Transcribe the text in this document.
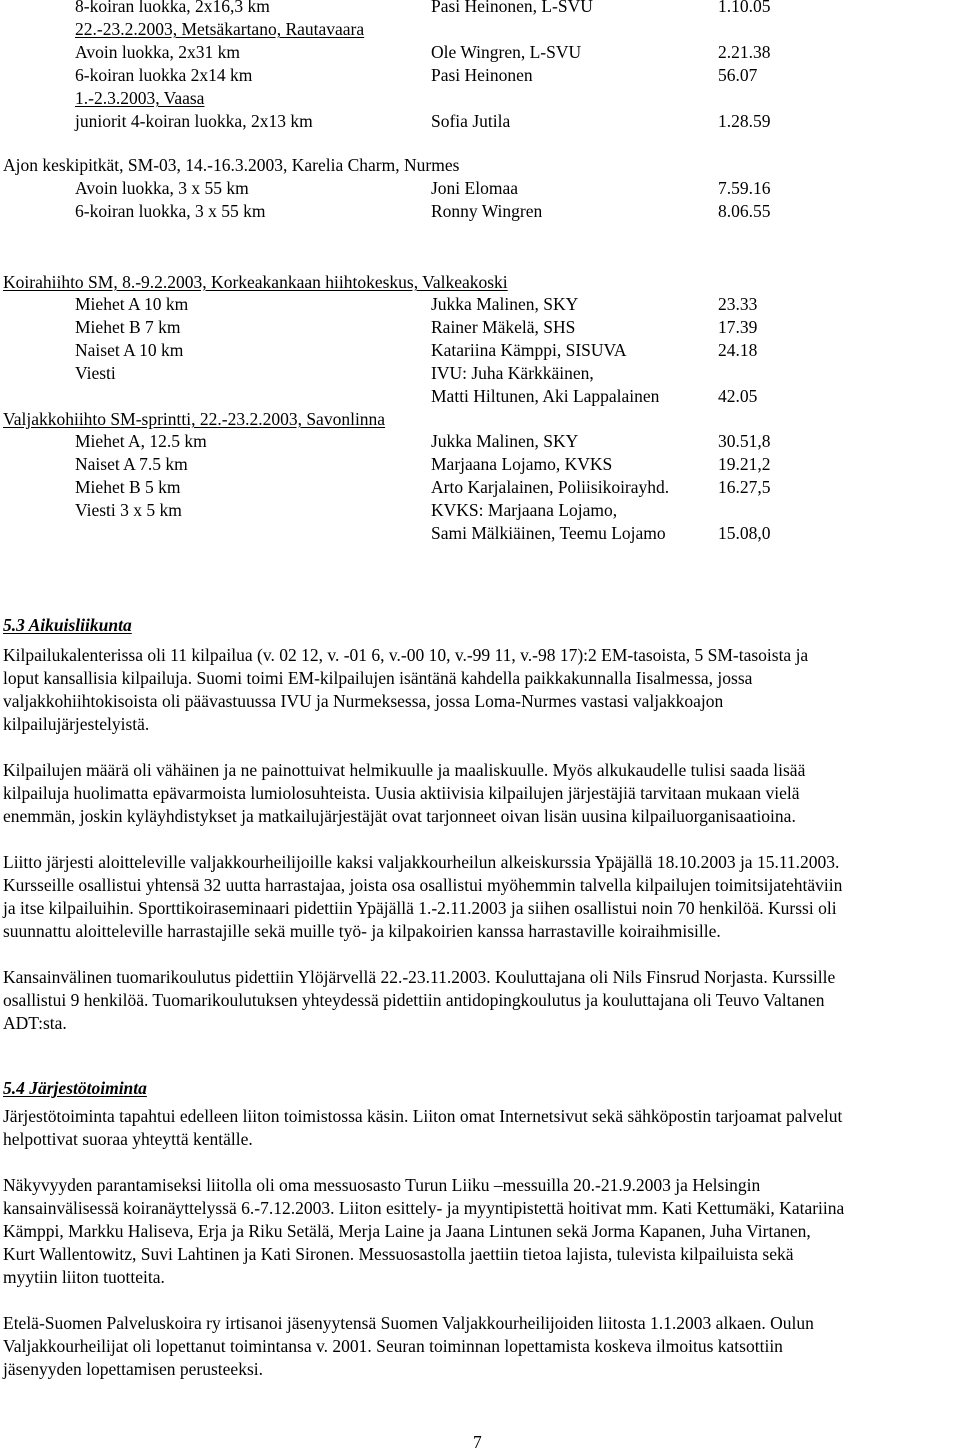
8-koiran luokka, 2x16,3 km	Pasi Heinonen, L-SVU	1.10.05
22.-23.2.2003, Metsäkartano, Rautavaara
Avoin luokka, 2x31 km	Ole Wingren, L-SVU	2.21.38
6-koiran luokka 2x14 km	Pasi Heinonen	56.07
1.-2.3.2003, Vaasa
juniorit 4-koiran luokka, 2x13 km	Sofia Jutila	1.28.59
Ajon keskipitkät, SM-03, 14.-16.3.2003, Karelia Charm, Nurmes
Avoin luokka, 3 x 55 km	Joni Elomaa	7.59.16
6-koiran luokka, 3 x 55 km	Ronny Wingren	8.06.55
Koirahiihto SM, 8.-9.2.2003, Korkeakankaan hiihtokeskus, Valkeakoski
Miehet A 10 km	Jukka Malinen, SKY	23.33
Miehet B 7 km	Rainer Mäkelä, SHS	17.39
Naiset A 10 km	Katariina Kämppi, SISUVA	24.18
Viesti	IVU: Juha Kärkkäinen,
Matti Hiltunen, Aki Lappalainen	42.05
Valjakkohiihto SM-sprintti, 22.-23.2.2003, Savonlinna
Miehet A, 12.5 km	Jukka Malinen, SKY	30.51,8
Naiset A 7.5 km	Marjaana Lojamo, KVKS	19.21,2
Miehet B 5 km	Arto Karjalainen, Poliisikoirayhd.	16.27,5
Viesti 3 x 5 km	KVKS: Marjaana Lojamo,
Sami Mälkiäinen, Teemu Lojamo	15.08,0
5.3 Aikuisliikunta
Kilpailukalenterissa oli 11 kilpailua (v. 02 12, v. -01 6, v.-00 10, v.-99 11, v.-98 17):2 EM-tasoista, 5 SM-tasoista ja
loput kansallisia kilpailuja. Suomi toimi EM-kilpailujen isäntänä kahdella paikkakunnalla Iisalmessa, jossa
valjakkohiihtokisoista oli päävastuussa IVU ja Nurmeksessa, jossa Loma-Nurmes vastasi valjakkoajon
kilpailujärjestelyistä.
Kilpailujen määrä oli vähäinen ja ne painottuivat helmikuulle ja maaliskuulle. Myös alkukaudelle tulisi saada lisää
kilpailuja huolimatta epävarmoista lumiolosuhteista. Uusia aktiivisia kilpailujen järjestäjiä tarvitaan mukaan vielä
enemmän, joskin kyläyhdistykset ja matkailujärjestäjät ovat tarjonneet oivan lisän uusina kilpailuorganisaatioina.
Liitto järjesti aloitteleville valjakkourheilijoille kaksi valjakkourheilun alkeiskurssia Ypäjällä 18.10.2003 ja 15.11.2003.
Kursseille osallistui yhtensä 32 uutta harrastajaa, joista osa osallistui myöhemmin talvella kilpailujen toimitsijatehtäviin
ja itse kilpailuihin. Sporttikoiraseminaari pidettiin Ypäjällä 1.-2.11.2003 ja siihen osallistui noin 70 henkilöä. Kurssi oli
suunnattu aloitteleville harrastajille sekä muille työ- ja kilpakoirien kanssa harrastaville koiraihmisille.
Kansainvälinen tuomarikoulutus pidettiin Ylöjärvellä 22.-23.11.2003. Kouluttajana oli Nils Finsrud Norjasta. Kurssille
osallistui 9 henkilöä. Tuomarikoulutuksen yhteydessä pidettiin antidopingkoulutus ja kouluttajana oli Teuvo Valtanen
ADT:sta.
5.4 Järjestötoiminta
Järjestötoiminta tapahtui edelleen liiton toimistossa käsin. Liiton omat Internetsivut sekä sähköpostin tarjoamat palvelut
helpottivat suoraa yhteyttä kentälle.
Näkyvyyden parantamiseksi liitolla oli oma messuosasto Turun Liiku –messuilla 20.-21.9.2003 ja Helsingin
kansainvälisessä koiranäyttelyssä 6.-7.12.2003. Liiton esittely- ja myyntipistettä hoitivat mm. Kati Kettumäki, Katariina
Kämppi, Markku Haliseva, Erja ja Riku Setälä, Merja Laine ja Jaana Lintunen sekä Jorma Kapanen, Juha Virtanen,
Kurt Wallentowitz, Suvi Lahtinen ja Kati Sironen. Messuosastolla jaettiin tietoa lajista, tulevista kilpailuista sekä
myytiin liiton tuotteita.
Etelä-Suomen Palveluskoira ry irtisanoi jäsenyytensä Suomen Valjakkourheilijoiden liitosta 1.1.2003 alkaen. Oulun
Valjakkourheilijat oli lopettanut toimintansa v. 2001. Seuran toiminnan lopettamista koskeva ilmoitus katsottiin
jäsenyyden lopettamisen perusteeksi.
7
